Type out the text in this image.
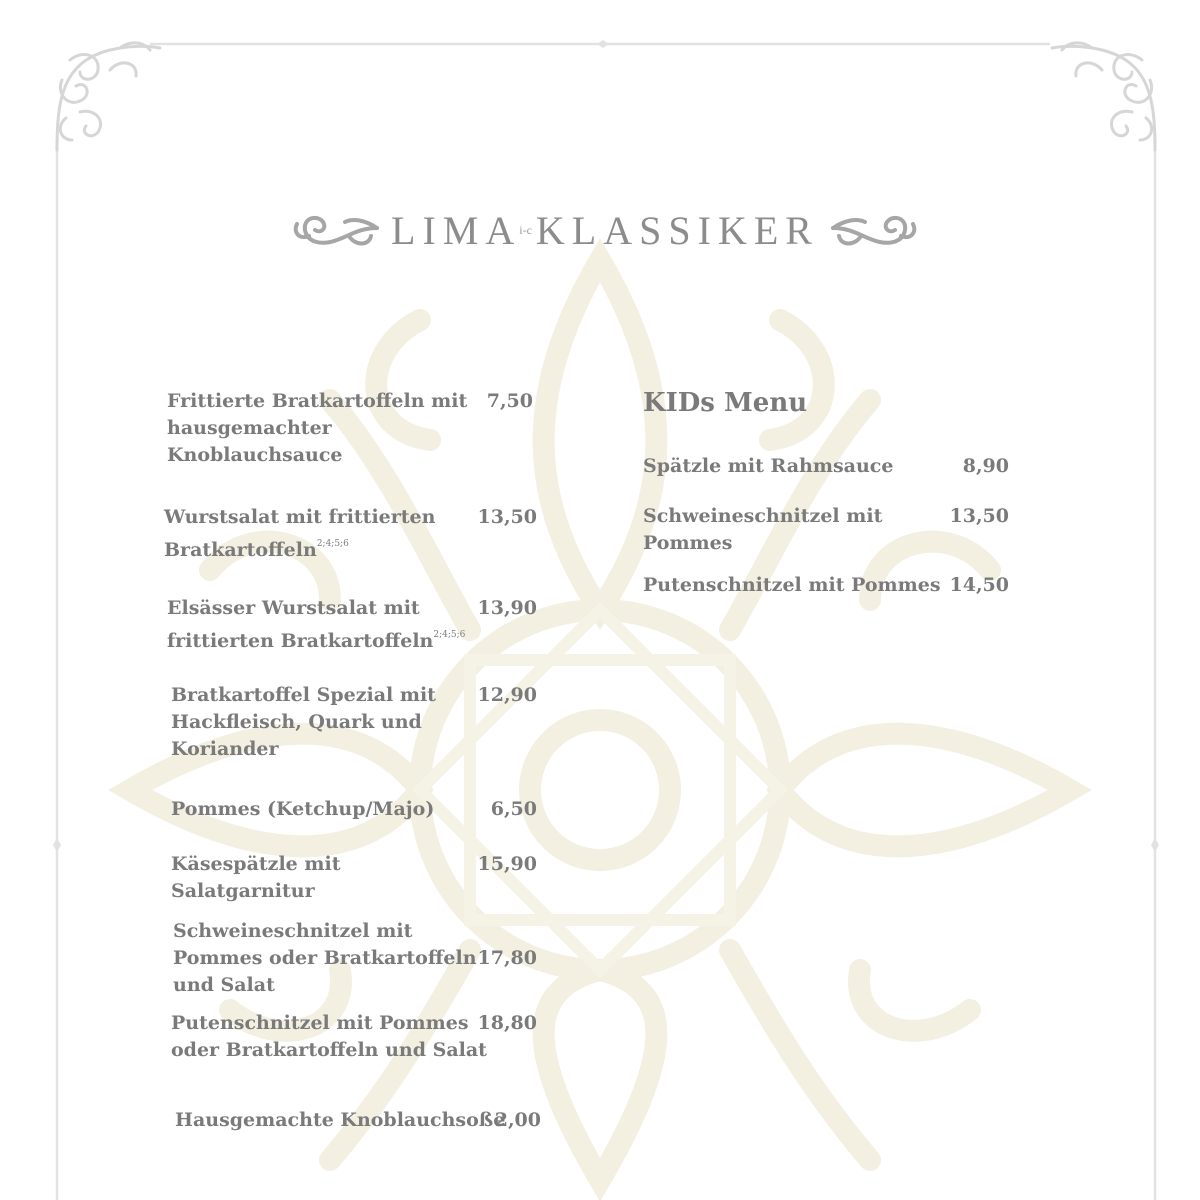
LIMA
i-c KLASSIKER
Frittierte Bratkartoffeln mit
hausgemachter
Knoblauchsauce
7,50
Wurstsalat mit frittierten
Bratkartoffeln$^{2;4;5;6}$
13,50
Elsässer Wurstsalat mit
frittierten Bratkartoffeln$^{2;4;5;6}$
13,90
Bratkartoffel Spezial mit
Hackfleisch, Quark und
Koriander
12,90
Pommes (Ketchup/Majo)	6,50
Käsespätzle mit
Salatgarnitur
15,90
Schweineschnitzel mit
Pommes oder Bratkartoffeln
und Salat
17,80
Putenschnitzel mit Pommes
oder Bratkartoffeln und Salat
18,80
Hausgemachte Knoblauchsoße
2,00
KIDs Menu
Spätzle mit Rahmsauce	8,90
Schweineschnitzel mit
Pommes
13,50
Putenschnitzel mit Pommes 14,50
